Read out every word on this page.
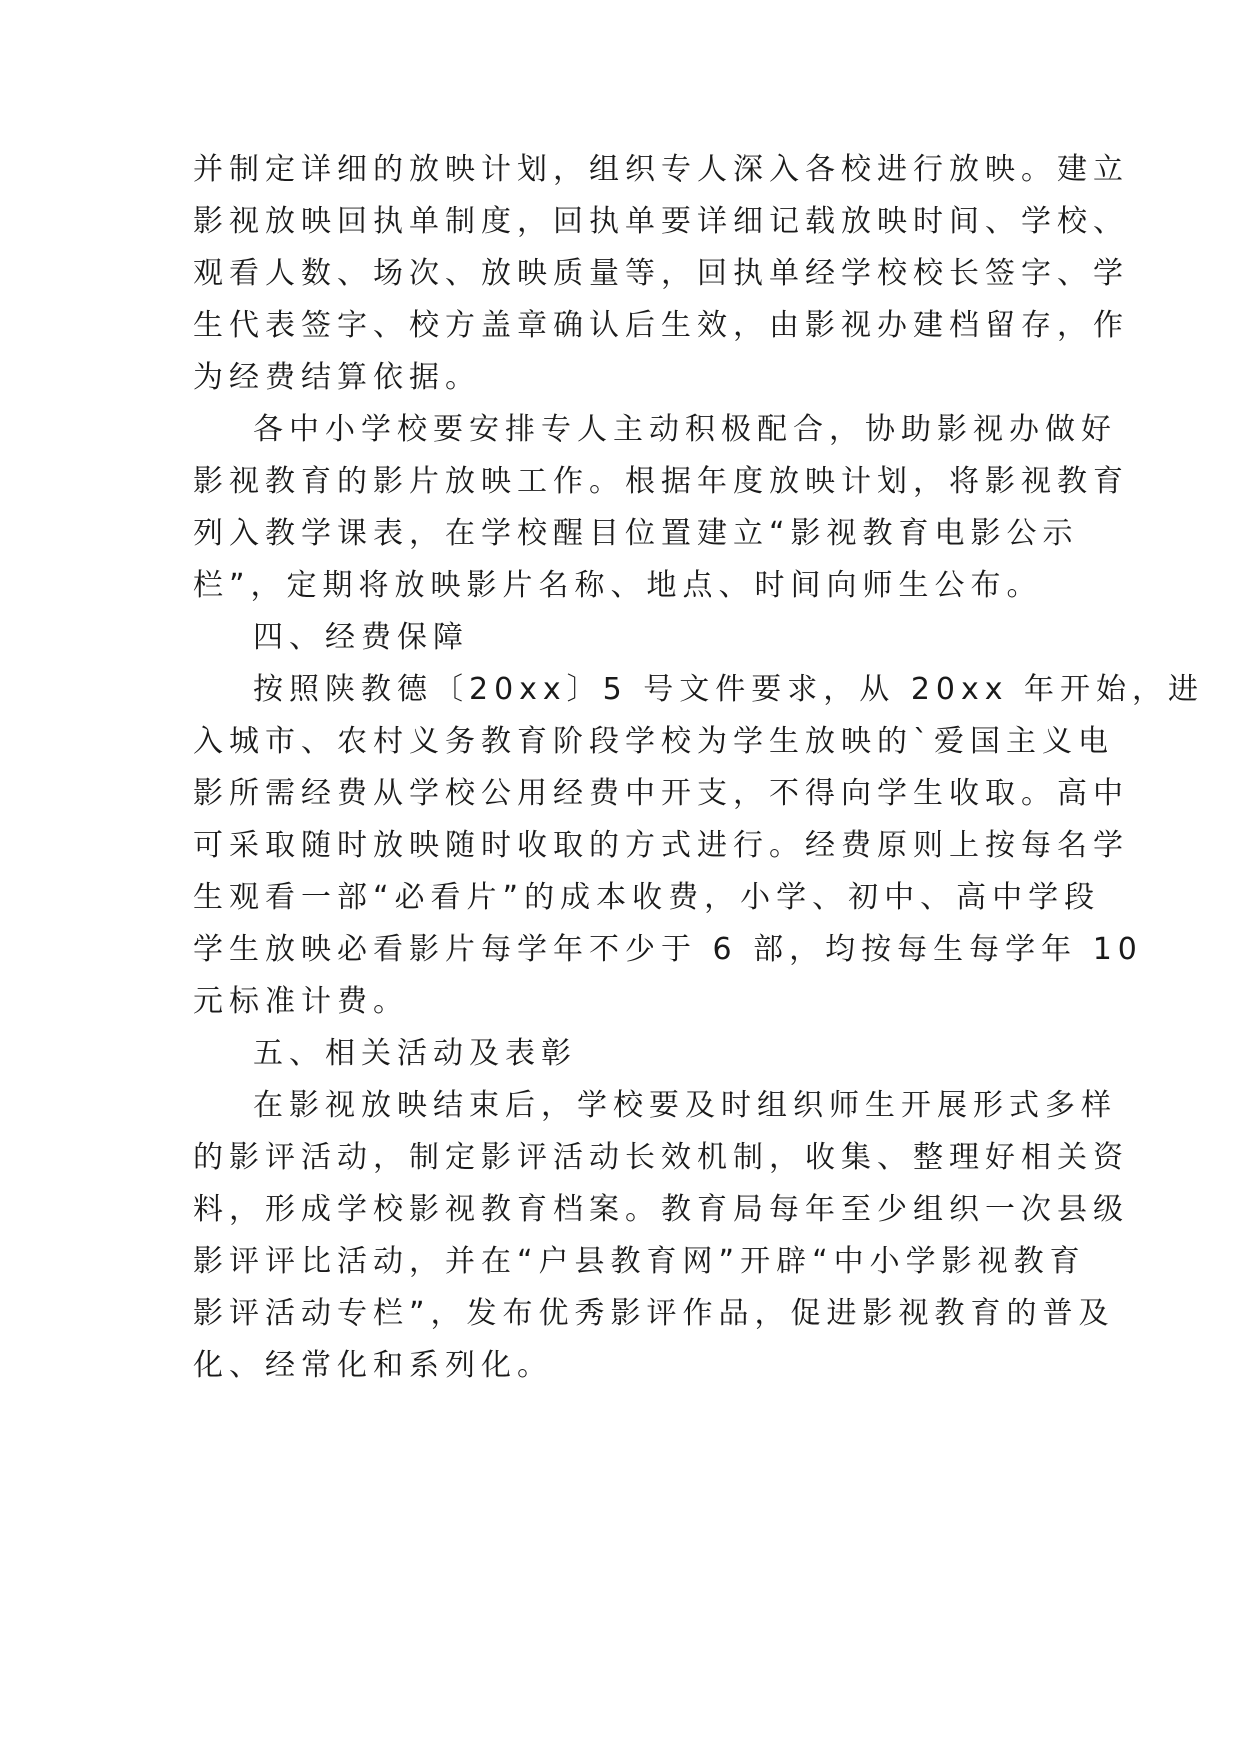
并制定详细的放映计划，组织专人深入各校进行放映。建立
影视放映回执单制度，回执单要详细记载放映时间、学校、
观看人数、场次、放映质量等，回执单经学校校长签字、学
生代表签字、校方盖章确认后生效，由影视办建档留存，作
为经费结算依据。
各中小学校要安排专人主动积极配合，协助影视办做好
影视教育的影片放映工作。根据年度放映计划，将影视教育
列入教学课表，在学校醒目位置建立“影视教育电影公示
栏”，定期将放映影片名称、地点、时间向师生公布。
四、经费保障
按照陕教德〔20xx〕5 号文件要求，从 20xx 年开始，进
入城市、农村义务教育阶段学校为学生放映的`爱国主义电
影所需经费从学校公用经费中开支，不得向学生收取。高中
可采取随时放映随时收取的方式进行。经费原则上按每名学
生观看一部“必看片”的成本收费，小学、初中、高中学段
学生放映必看影片每学年不少于 6 部，均按每生每学年 10
元标准计费。
五、相关活动及表彰
在影视放映结束后，学校要及时组织师生开展形式多样
的影评活动，制定影评活动长效机制，收集、整理好相关资
料，形成学校影视教育档案。教育局每年至少组织一次县级
影评评比活动，并在“户县教育网”开辟“中小学影视教育
影评活动专栏”，发布优秀影评作品，促进影视教育的普及
化、经常化和系列化。
